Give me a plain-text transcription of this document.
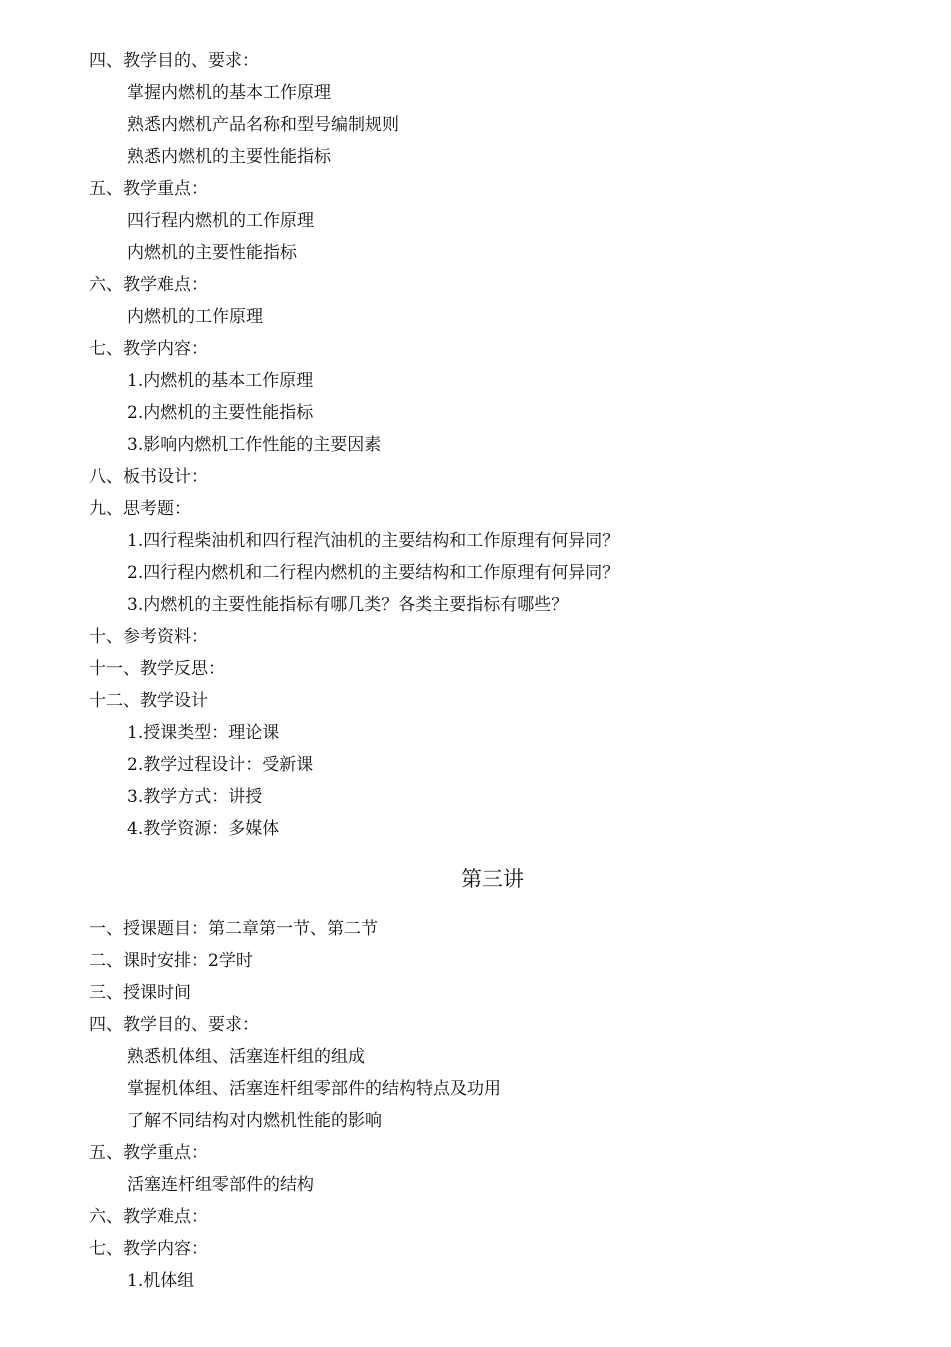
四、教学目的、要求：
掌握内燃机的基本工作原理
熟悉内燃机产品名称和型号编制规则
熟悉内燃机的主要性能指标
五、教学重点：
四行程内燃机的工作原理
内燃机的主要性能指标
六、教学难点：
内燃机的工作原理
七、教学内容：
1.内燃机的基本工作原理
2.内燃机的主要性能指标
3.影响内燃机工作性能的主要因素
八、板书设计：
九、思考题：
1.四行程柴油机和四行程汽油机的主要结构和工作原理有何异同？
2.四行程内燃机和二行程内燃机的主要结构和工作原理有何异同？
3.内燃机的主要性能指标有哪几类？各类主要指标有哪些？
十、参考资料：
十一、教学反思：
十二、教学设计
1.授课类型：理论课
2.教学过程设计：受新课
3.教学方式：讲授
4.教学资源：多媒体
第三讲
一、授课题目：第二章第一节、第二节
二、课时安排：2学时
三、授课时间
四、教学目的、要求：
熟悉机体组、活塞连杆组的组成
掌握机体组、活塞连杆组零部件的结构特点及功用
了解不同结构对内燃机性能的影响
五、教学重点：
活塞连杆组零部件的结构
六、教学难点：
七、教学内容：
1.机体组
